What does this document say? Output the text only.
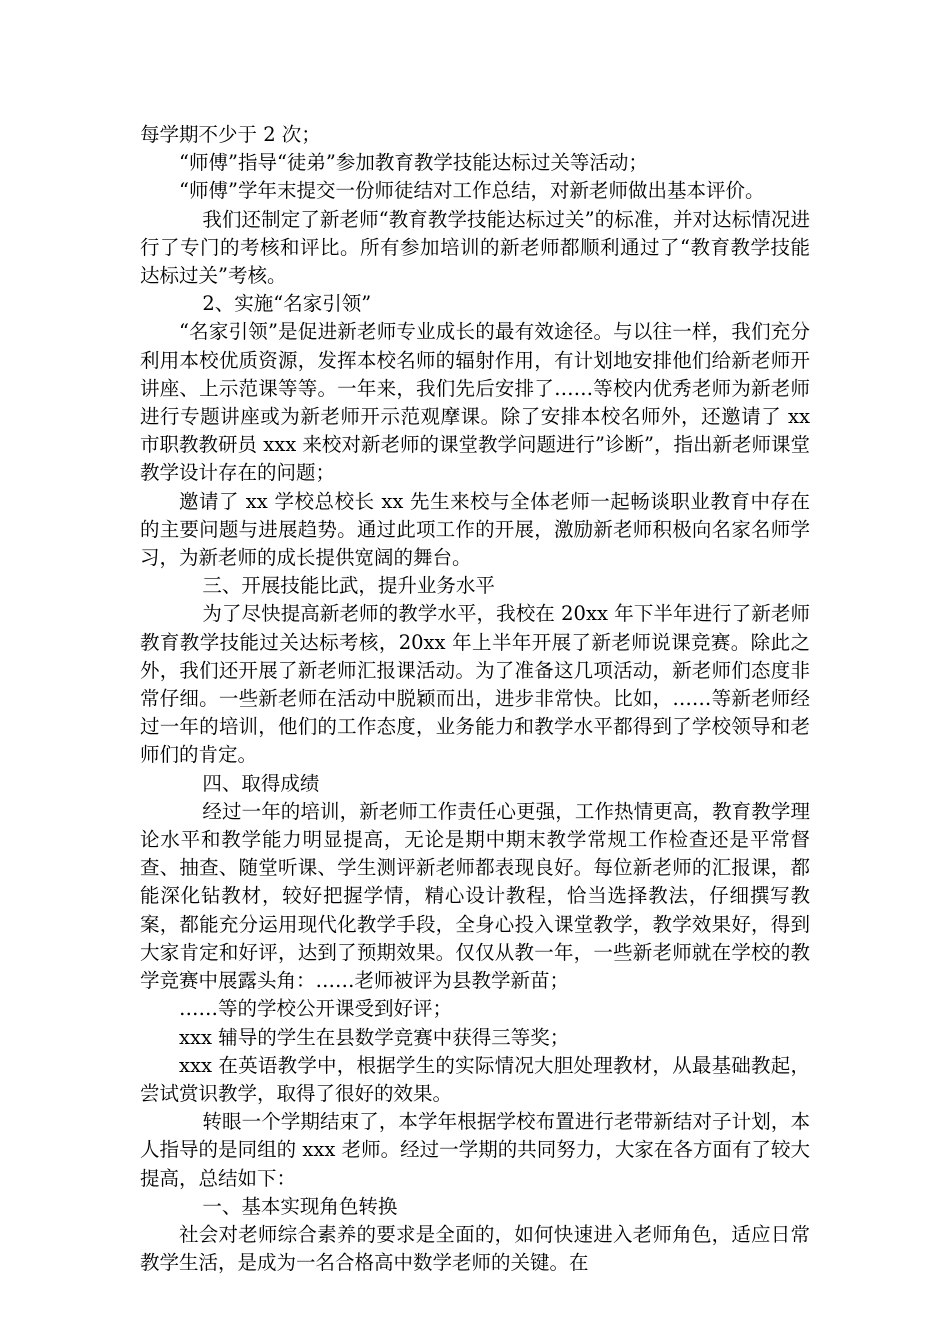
每学期不少于 2 次；

“师傅”指导“徒弟”参加教育教学技能达标过关等活动；

“师傅”学年末提交一份师徒结对工作总结，对新老师做出基本评价。

我们还制定了新老师“教育教学技能达标过关”的标准，并对达标情况进行了专门的考核和评比。所有参加培训的新老师都顺利通过了“教育教学技能达标过关”考核。

2、实施“名家引领”

“名家引领”是促进新老师专业成长的最有效途径。与以往一样，我们充分利用本校优质资源，发挥本校名师的辐射作用，有计划地安排他们给新老师开讲座、上示范课等等。一年来，我们先后安排了……等校内优秀老师为新老师进行专题讲座或为新老师开示范观摩课。除了安排本校名师外，还邀请了 xx 市职教教研员 xxx 来校对新老师的课堂教学问题进行”诊断”，指出新老师课堂教学设计存在的问题；

邀请了 xx 学校总校长 xx 先生来校与全体老师一起畅谈职业教育中存在的主要问题与进展趋势。通过此项工作的开展，激励新老师积极向名家名师学习，为新老师的成长提供宽阔的舞台。

三、开展技能比武，提升业务水平

为了尽快提高新老师的教学水平，我校在 20xx 年下半年进行了新老师教育教学技能过关达标考核，20xx 年上半年开展了新老师说课竞赛。除此之外，我们还开展了新老师汇报课活动。为了准备这几项活动，新老师们态度非常仔细。一些新老师在活动中脱颖而出，进步非常快。比如，……等新老师经过一年的培训，他们的工作态度，业务能力和教学水平都得到了学校领导和老师们的肯定。

四、取得成绩

经过一年的培训，新老师工作责任心更强，工作热情更高，教育教学理论水平和教学能力明显提高，无论是期中期末教学常规工作检查还是平常督查、抽查、随堂听课、学生测评新老师都表现良好。每位新老师的汇报课，都能深化钻教材，较好把握学情，精心设计教程，恰当选择教法，仔细撰写教案，都能充分运用现代化教学手段，全身心投入课堂教学，教学效果好，得到大家肯定和好评，达到了预期效果。仅仅从教一年，一些新老师就在学校的教学竞赛中展露头角：……老师被评为县教学新苗；

……等的学校公开课受到好评；

xxx 辅导的学生在县数学竞赛中获得三等奖；

xxx 在英语教学中，根据学生的实际情况大胆处理教材，从最基础教起，尝试赏识教学，取得了很好的效果。

转眼一个学期结束了，本学年根据学校布置进行老带新结对子计划，本人指导的是同组的 xxx 老师。经过一学期的共同努力，大家在各方面有了较大提高，总结如下：

一、基本实现角色转换

社会对老师综合素养的要求是全面的，如何快速进入老师角色，适应日常教学生活，是成为一名合格高中数学老师的关键。在
